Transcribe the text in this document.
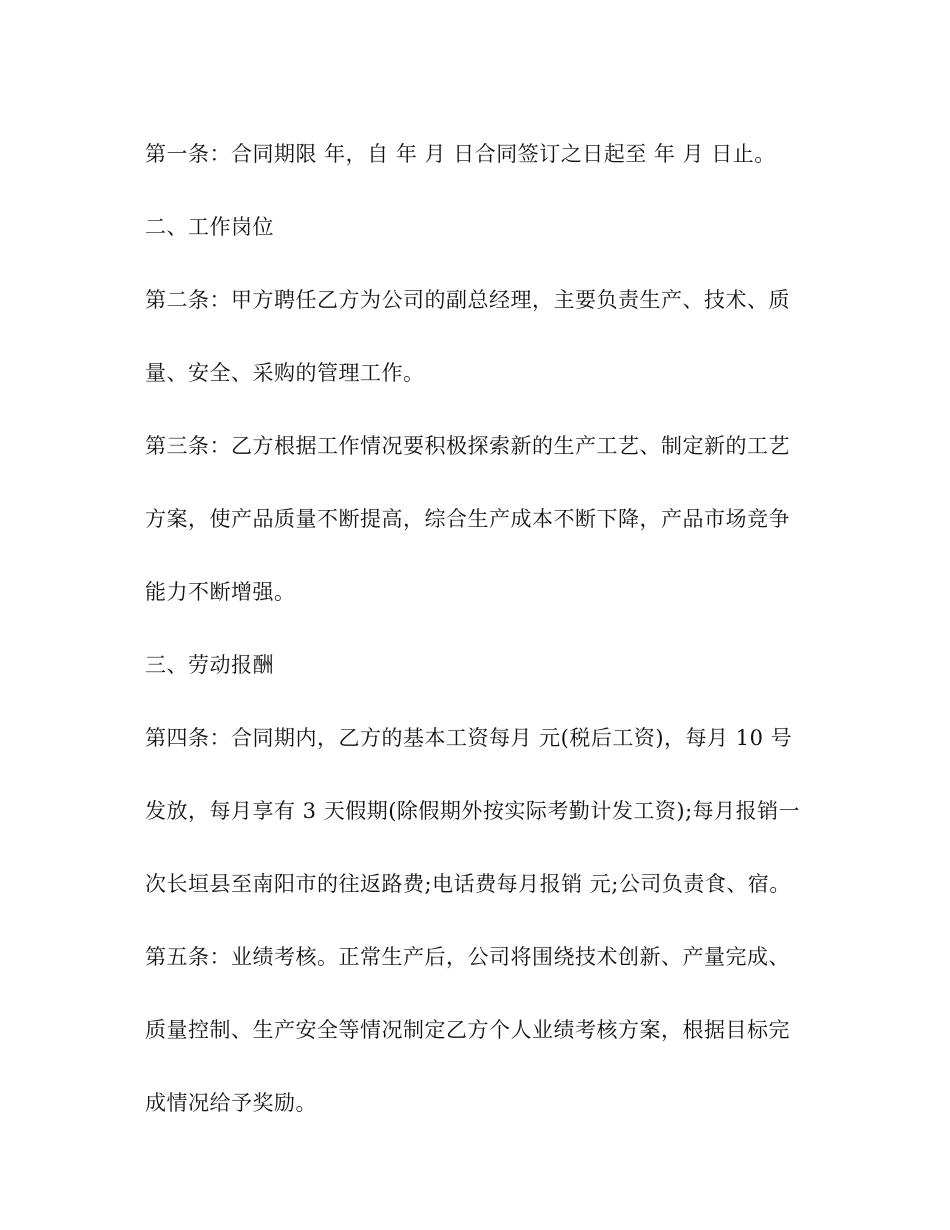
第一条：合同期限 年，自 年 月 日合同签订之日起至 年 月 日止。
二、工作岗位
第二条：甲方聘任乙方为公司的副总经理，主要负责生产、技术、质
量、安全、采购的管理工作。
第三条：乙方根据工作情况要积极探索新的生产工艺、制定新的工艺
方案，使产品质量不断提高，综合生产成本不断下降，产品市场竞争
能力不断增强。
三、劳动报酬
第四条：合同期内，乙方的基本工资每月 元(税后工资)，每月 10 号
发放，每月享有 3 天假期(除假期外按实际考勤计发工资);每月报销一
次长垣县至南阳市的往返路费;电话费每月报销 元;公司负责食、宿。
第五条：业绩考核。正常生产后，公司将围绕技术创新、产量完成、
质量控制、生产安全等情况制定乙方个人业绩考核方案，根据目标完
成情况给予奖励。
